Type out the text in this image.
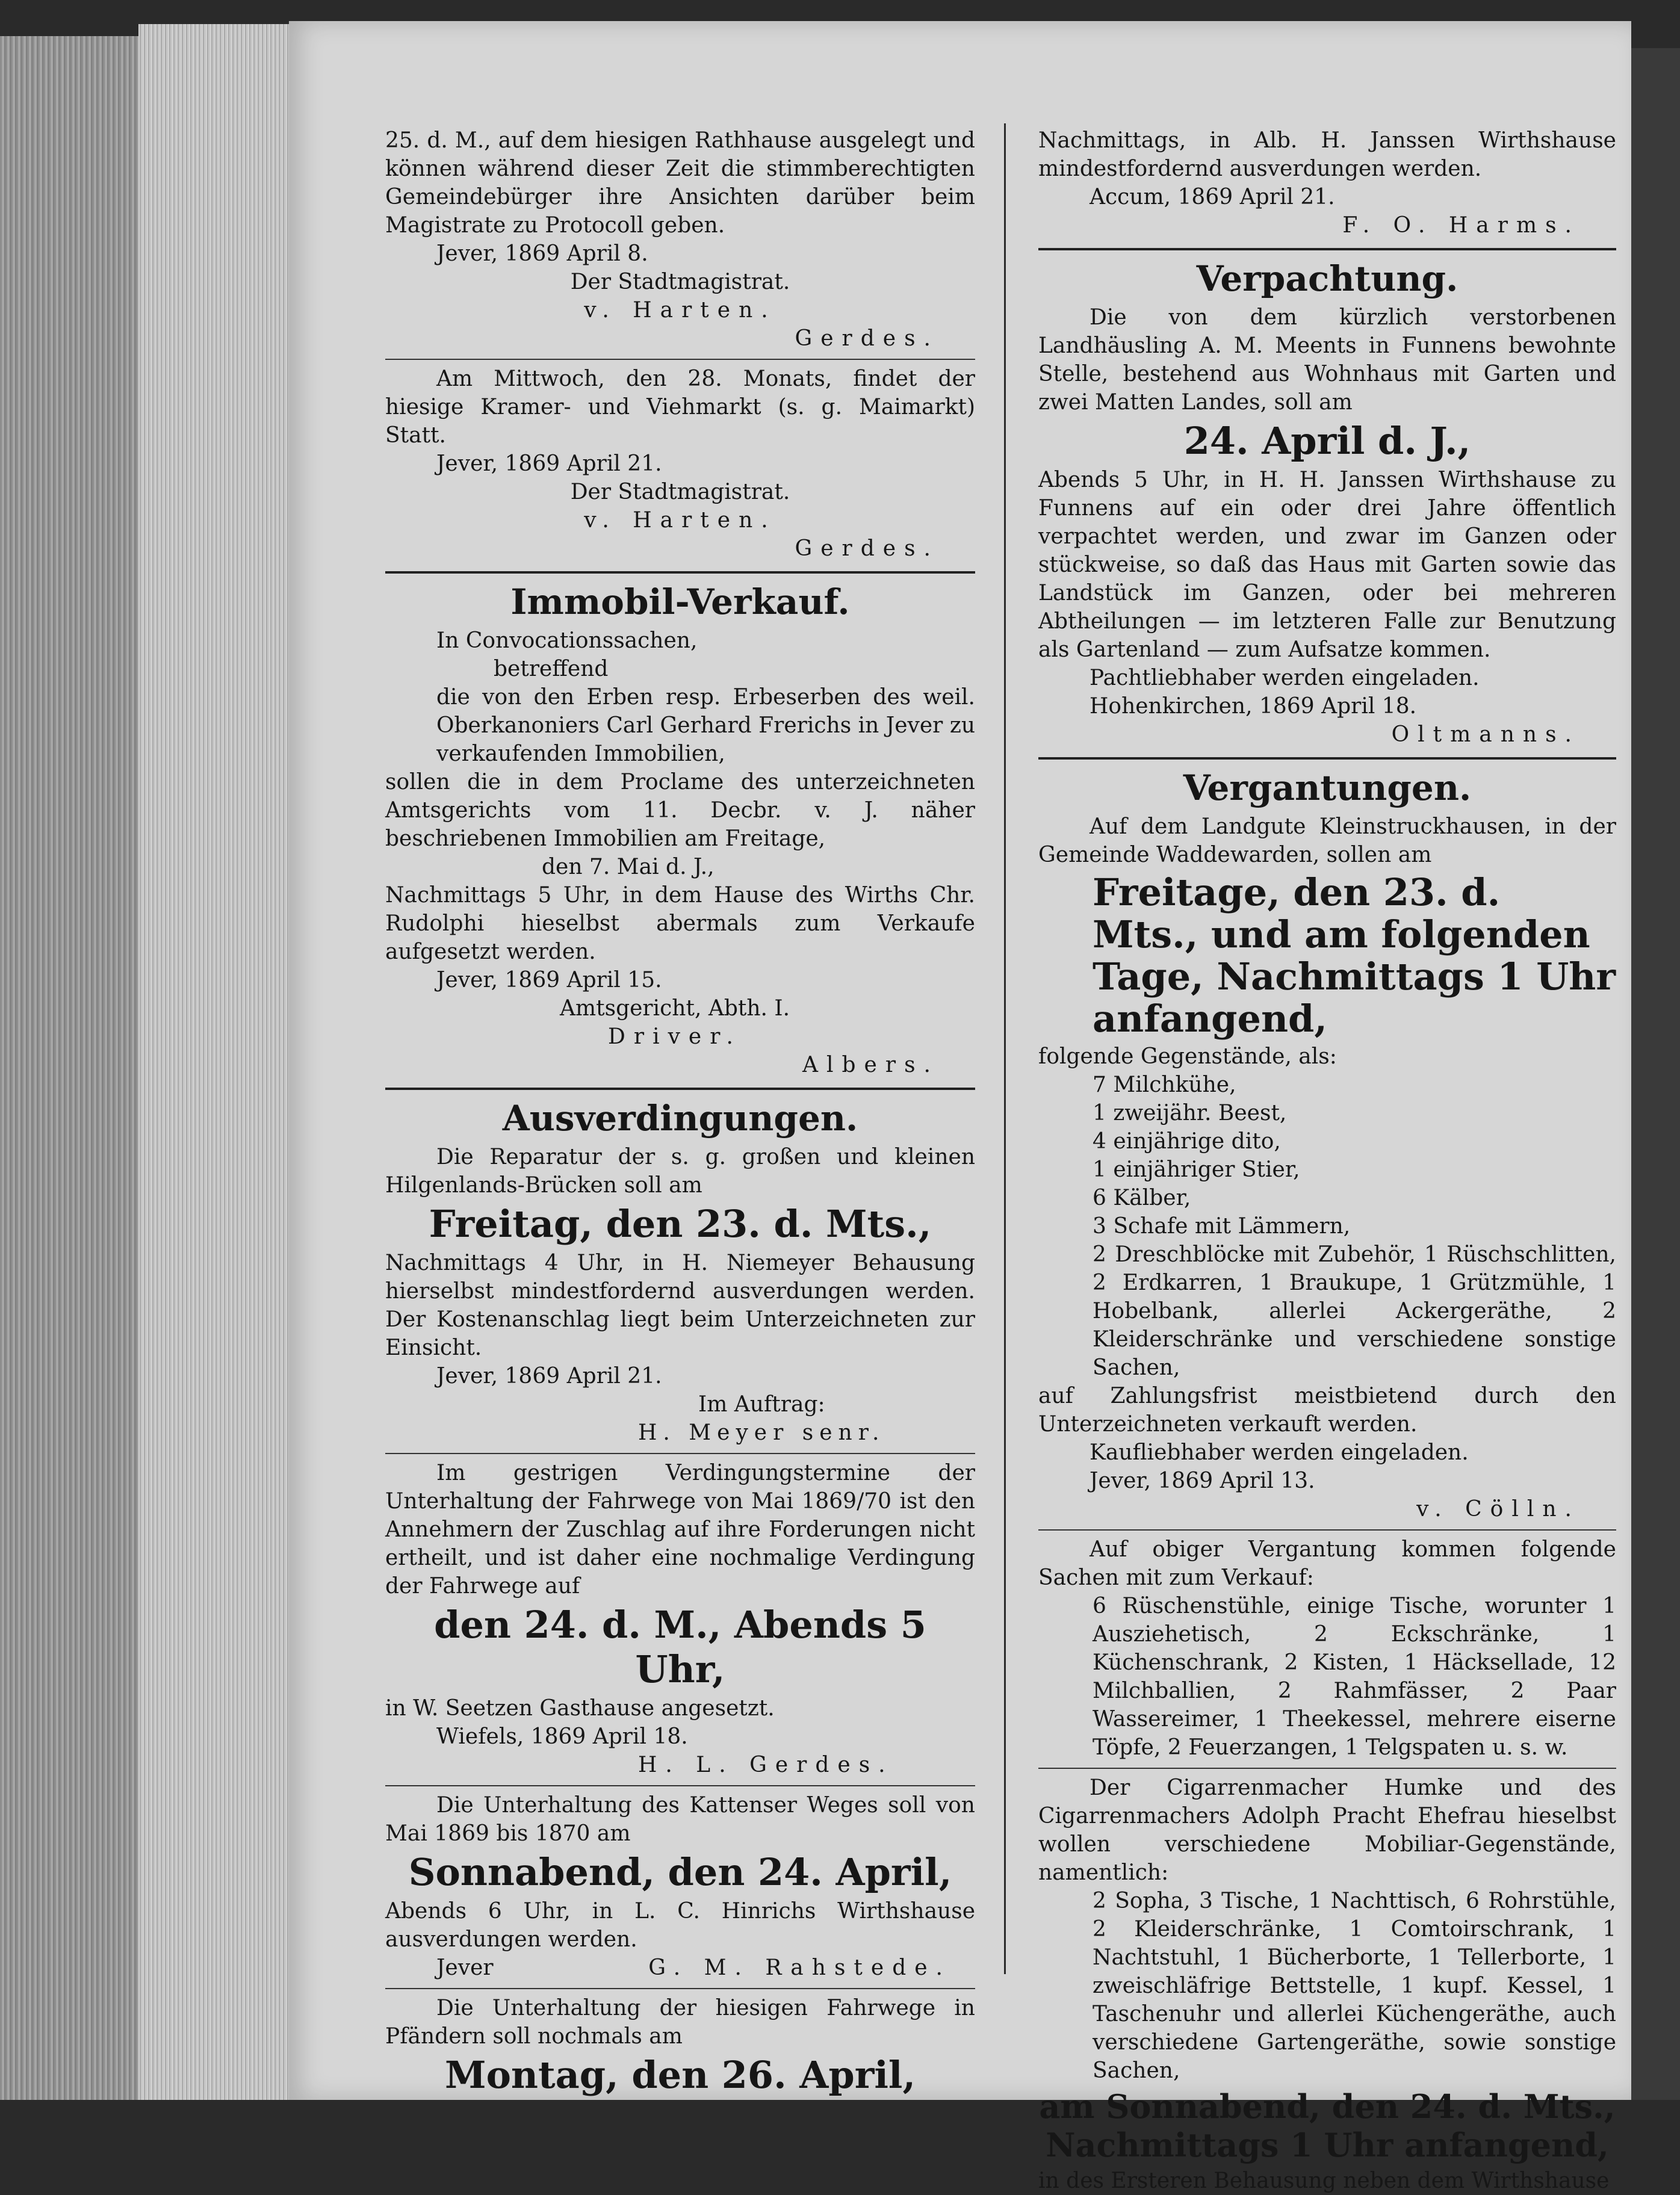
25. d. M., auf dem hiesigen Rathhause ausgelegt und können während dieser Zeit die stimmberechtigten Gemeindebürger ihre Ansichten darüber beim Magistrate zu Protocoll geben.

Jever, 1869 April 8.

Der Stadtmagistrat.

v. Harten.

Gerdes.

Am Mittwoch, den 28. Monats, findet der hiesige Kramer- und Viehmarkt (s. g. Maimarkt) Statt.

Jever, 1869 April 21.

Der Stadtmagistrat.

v. Harten.

Gerdes.

Immobil-Verkauf.

In Convocationssachen,

betreffend

die von den Erben resp. Erbeserben des weil. Oberkanoniers Carl Gerhard Frerichs in Jever zu verkaufenden Immobilien,

sollen die in dem Proclame des unterzeichneten Amtsgerichts vom 11. Decbr. v. J. näher beschriebenen Immobilien am Freitage,

den 7. Mai d. J.,

Nachmittags 5 Uhr, in dem Hause des Wirths Chr. Rudolphi hieselbst abermals zum Verkaufe aufgesetzt werden.

Jever, 1869 April 15.

Amtsgericht, Abth. I.

Driver.

Albers.

Ausverdingungen.

Die Reparatur der s. g. großen und kleinen Hilgenlands-Brücken soll am

Freitag, den 23. d. Mts.,

Nachmittags 4 Uhr, in H. Niemeyer Behausung hierselbst mindestfordernd ausverdungen werden. Der Kostenanschlag liegt beim Unterzeichneten zur Einsicht.

Jever, 1869 April 21.

Im Auftrag:

H. Meyer senr.

Im gestrigen Verdingungstermine der Unterhaltung der Fahrwege von Mai 1869/70 ist den Annehmern der Zuschlag auf ihre Forderungen nicht ertheilt, und ist daher eine nochmalige Verdingung der Fahrwege auf

den 24. d. M., Abends 5 Uhr,

in W. Seetzen Gasthause angesetzt.

Wiefels, 1869 April 18.

H. L. Gerdes.

Die Unterhaltung des Kattenser Weges soll von Mai 1869 bis 1870 am

Sonnabend, den 24. April,

Abends 6 Uhr, in L. C. Hinrichs Wirthshause ausverdungen werden.

Jever	G. M. Rahstede.

Die Unterhaltung der hiesigen Fahrwege in Pfändern soll nochmals am

Montag, den 26. April,

Nachmittags, in Alb. H. Janssen Wirthshause mindestfordernd ausverdungen werden.

Accum, 1869 April 21.

F. O. Harms.

Verpachtung.

Die von dem kürzlich verstorbenen Landhäusling A. M. Meents in Funnens bewohnte Stelle, bestehend aus Wohnhaus mit Garten und zwei Matten Landes, soll am

24. April d. J.,

Abends 5 Uhr, in H. H. Janssen Wirthshause zu Funnens auf ein oder drei Jahre öffentlich verpachtet werden, und zwar im Ganzen oder stückweise, so daß das Haus mit Garten sowie das Landstück im Ganzen, oder bei mehreren Abtheilungen — im letzteren Falle zur Benutzung als Gartenland — zum Aufsatze kommen.

Pachtliebhaber werden eingeladen.

Hohenkirchen, 1869 April 18.

Oltmanns.

Vergantungen.

Auf dem Landgute Kleinstruckhausen, in der Gemeinde Waddewarden, sollen am

Freitage, den 23. d. Mts., und am folgenden Tage, Nachmittags 1 Uhr anfangend,

folgende Gegenstände, als:

7 Milchkühe,

1 zweijähr. Beest,

4 einjährige dito,

1 einjähriger Stier,

6 Kälber,

3 Schafe mit Lämmern,

2 Dreschblöcke mit Zubehör, 1 Rüschschlitten, 2 Erdkarren, 1 Braukupe, 1 Grützmühle, 1 Hobelbank, allerlei Ackergeräthe, 2 Kleiderschränke und verschiedene sonstige Sachen,

auf Zahlungsfrist meistbietend durch den Unterzeichneten verkauft werden.

Kaufliebhaber werden eingeladen.

Jever, 1869 April 13.

v. Cölln.

Auf obiger Vergantung kommen folgende Sachen mit zum Verkauf:

6 Rüschenstühle, einige Tische, worunter 1 Ausziehetisch, 2 Eckschränke, 1 Küchenschrank, 2 Kisten, 1 Häcksellade, 12 Milchballien, 2 Rahmfässer, 2 Paar Wassereimer, 1 Theekessel, mehrere eiserne Töpfe, 2 Feuerzangen, 1 Telgspaten u. s. w.

Der Cigarrenmacher Humke und des Cigarrenmachers Adolph Pracht Ehefrau hieselbst wollen verschiedene Mobiliar-Gegenstände, namentlich:

2 Sopha, 3 Tische, 1 Nachttisch, 6 Rohrstühle, 2 Kleiderschränke, 1 Comtoirschrank, 1 Nachtstuhl, 1 Bücherborte, 1 Tellerborte, 1 zweischläfrige Bettstelle, 1 kupf. Kessel, 1 Taschenuhr und allerlei Küchengeräthe, auch verschiedene Gartengeräthe, sowie sonstige Sachen,

am Sonnabend, den 24. d. Mts., Nachmittags 1 Uhr anfangend,

in des Ersteren Behausung neben dem Wirthshause
